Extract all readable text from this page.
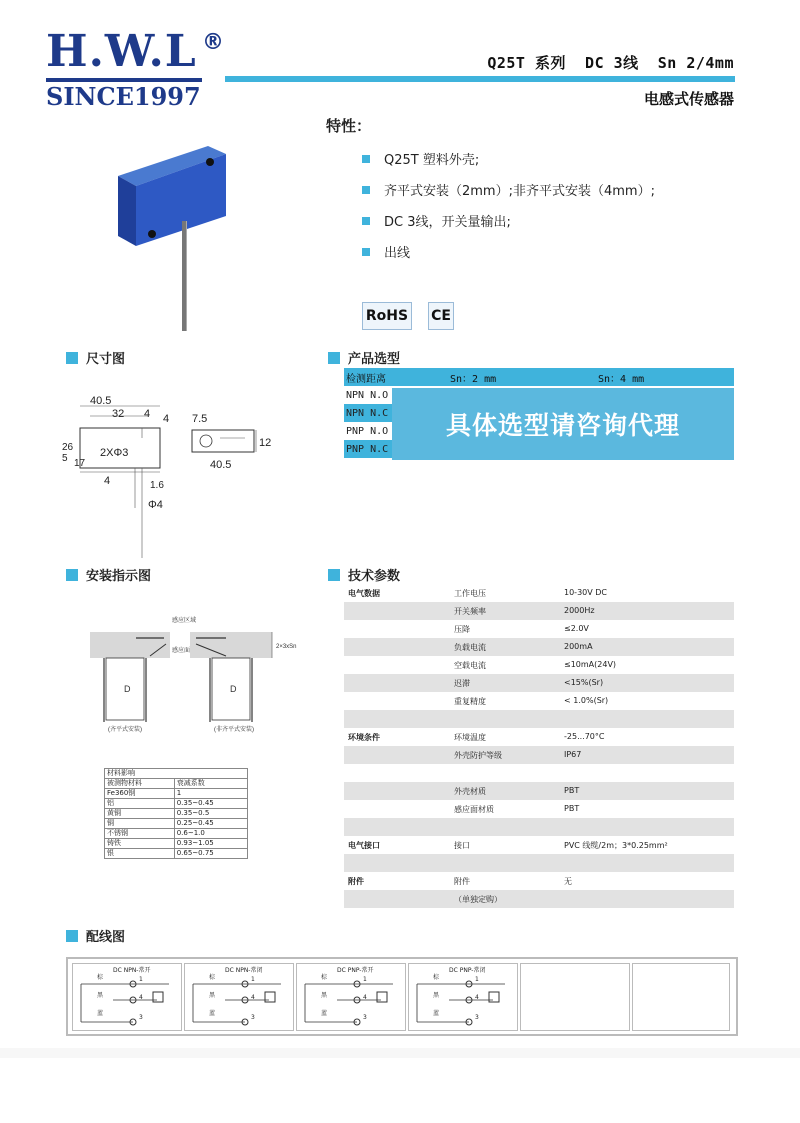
H.W.L ®
SINCE1997
Q25T 系列  DC 3线  Sn 2/4mm
电感式传感器
特性：
Q25T 塑料外壳;
齐平式安装（2mm）;非齐平式安装（4mm）;
DC 3线，开关量输出;
出线
RoHS CE
尺寸图	产品选型
安装指示图	技术参数
配线图
40.5
32 4 4
26
5 17
2XΦ3
4	1.6
Φ4
7.5
12
40.5
检测距离	Sn：2 mm	Sn：4 mm
NPN N.O
NPN N.C
PNP N.O
PNP N.C
具体选型请咨询代理
感应区域
感应面
2×3xSn
D	D
(齐平式安装)	(非齐平式安装)
材料影响	
被测物材料	衰减系数
Fe360钢	1
铝	0.35~0.45
黄铜	0.35~0.5
铜	0.25~0.45
不锈钢	0.6~1.0
铸铁	0.93~1.05
银	0.65~0.75
电气数据	工作电压	10-30V DC
开关频率	2000Hz
压降	≤2.0V
负载电流	200mA
空载电流	≤10mA(24V)
迟滞	<15%(Sr)
重复精度	< 1.0%(Sr)
环境条件	环境温度	-25...70°C
外壳防护等级	IP67
外壳材质	PBT
感应面材质	PBT
电气接口	接口	PVC 线缆/2m；3*0.25mm²
附件	附件	无
（单独定购）
DC NPN-常开
棕
黑
蓝
1
4
3
DC NPN-常闭
棕
黑
蓝
1
4
3
DC PNP-常开
棕
黑
蓝
1
4
3
DC PNP-常闭
棕
黑
蓝
1
4
3
